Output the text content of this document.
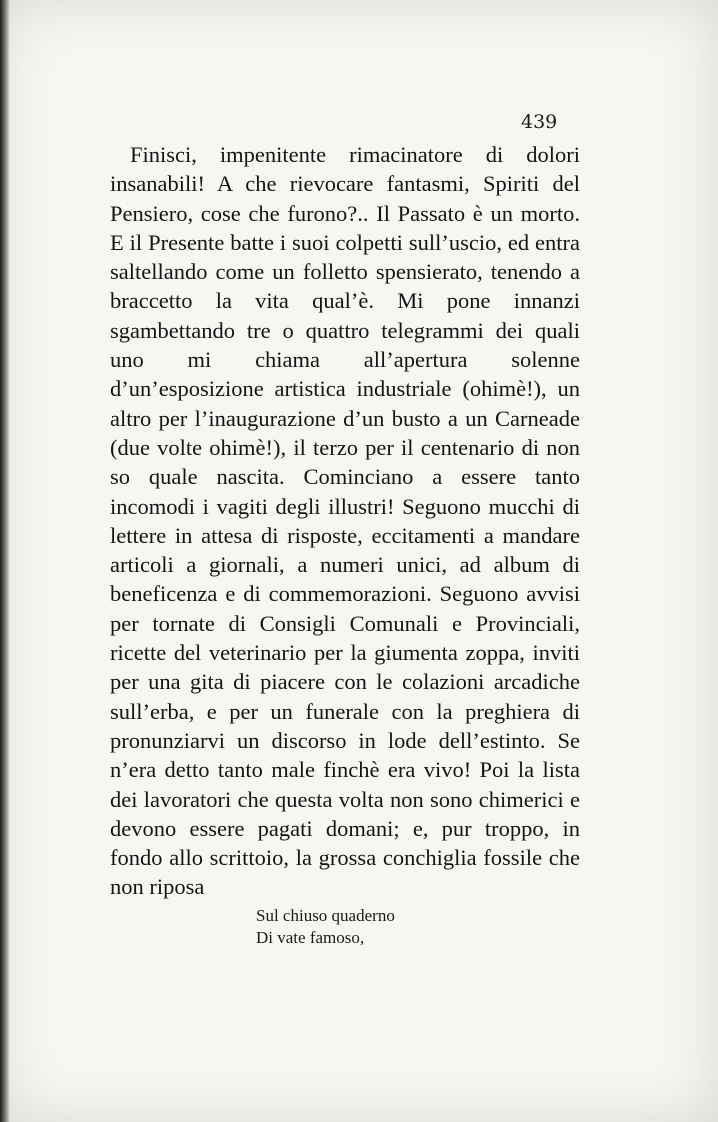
439

Finisci, impenitente rimacinatore di dolori insanabili! A che rievocare fantasmi, Spiriti del Pensiero, cose che furono?.. Il Passato è un morto. E il Presente batte i suoi colpetti sull’uscio, ed entra saltellando come un folletto spensierato, tenendo a braccetto la vita qual’è. Mi pone innanzi sgambettando tre o quattro telegrammi dei quali uno mi chiama all’apertura solenne d’un’esposizione artistica industriale (ohimè!), un altro per l’inaugurazione d’un busto a un Carneade (due volte ohimè!), il terzo per il centenario di non so quale nascita. Cominciano a essere tanto incomodi i vagiti degli illustri! Seguono mucchi di lettere in attesa di risposte, eccitamenti a mandare articoli a giornali, a numeri unici, ad album di beneficenza e di commemorazioni. Seguono avvisi per tornate di Consigli Comunali e Provinciali, ricette del veterinario per la giumenta zoppa, inviti per una gita di piacere con le colazioni arcadiche sull’erba, e per un funerale con la preghiera di pronunziarvi un discorso in lode dell’estinto. Se n’era detto tanto male finchè era vivo! Poi la lista dei lavoratori che questa volta non sono chimerici e devono essere pagati domani; e, pur troppo, in fondo allo scrittoio, la grossa conchiglia fossile che non riposa

Sul chiuso quaderno
Di vate famoso,
